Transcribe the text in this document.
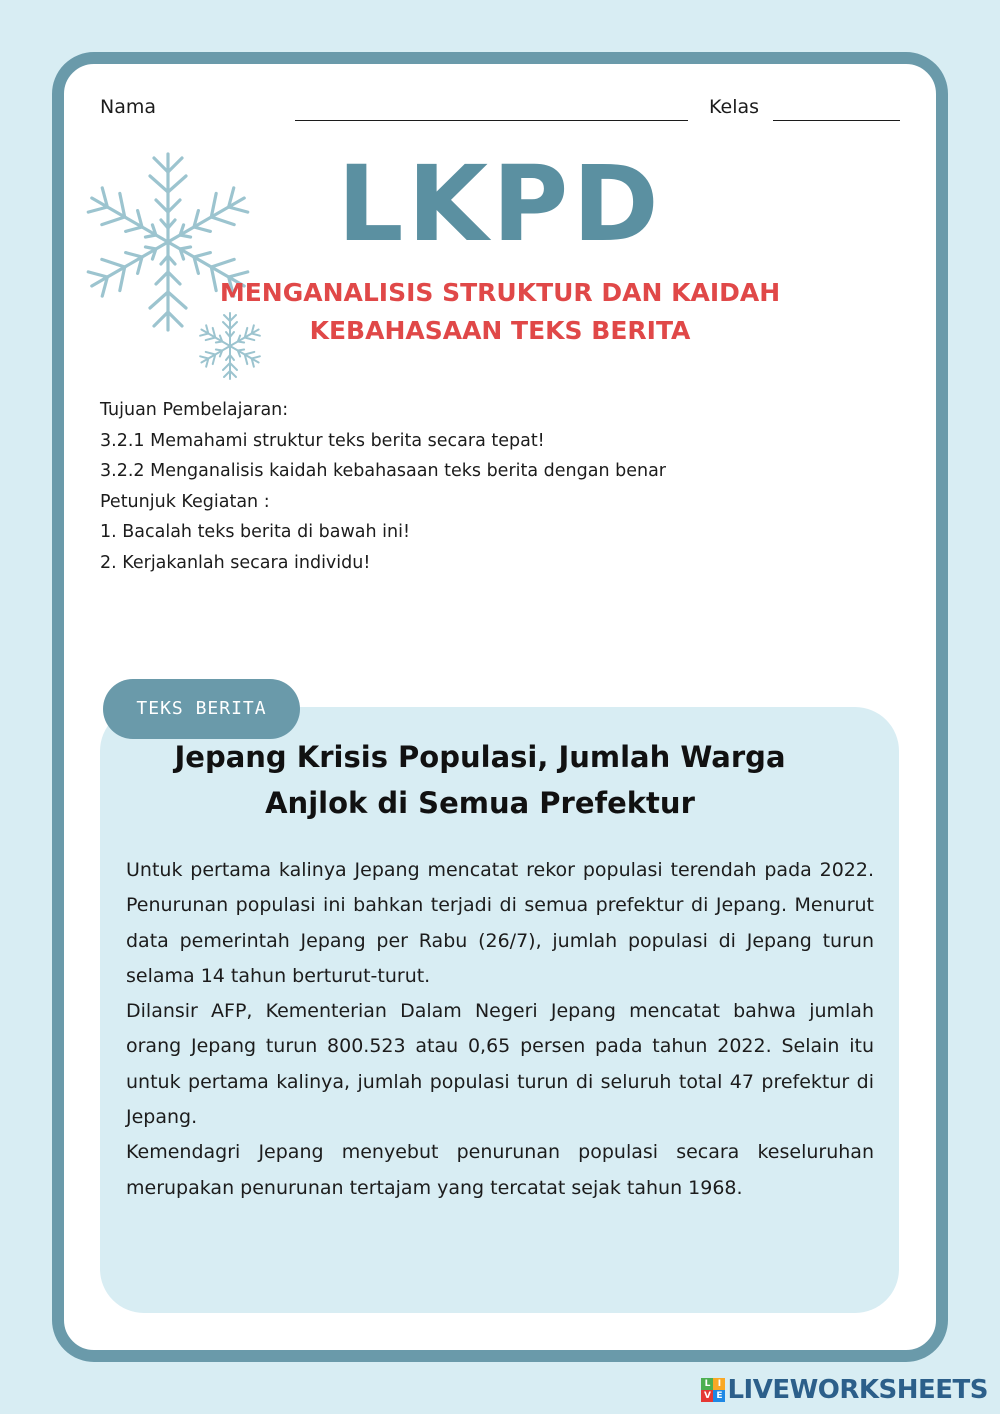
Nama	Kelas
LKPD
MENGANALISIS STRUKTUR DAN KAIDAH
KEBAHASAAN TEKS BERITA
Tujuan Pembelajaran:
3.2.1 Memahami struktur teks berita secara tepat!
3.2.2 Menganalisis kaidah kebahasaan teks berita dengan benar
Petunjuk Kegiatan :
1. Bacalah teks berita di bawah ini!
2. Kerjakanlah secara individu!
TEKS BERITA
Jepang Krisis Populasi, Jumlah Warga
Anjlok di Semua Prefektur

Untuk pertama kalinya Jepang mencatat rekor populasi terendah pada 2022. Penurunan populasi ini bahkan terjadi di semua prefektur di Jepang. Menurut data pemerintah Jepang per Rabu (26/7), jumlah populasi di Jepang turun selama 14 tahun berturut-turut.

Dilansir AFP, Kementerian Dalam Negeri Jepang mencatat bahwa jumlah orang Jepang turun 800.523 atau 0,65 persen pada tahun 2022. Selain itu untuk pertama kalinya, jumlah populasi turun di seluruh total 47 prefektur di Jepang.

Kemendagri Jepang menyebut penurunan populasi secara keseluruhan merupakan penurunan tertajam yang tercatat sejak tahun 1968.

L I
V E LIVEWORKSHEETS
